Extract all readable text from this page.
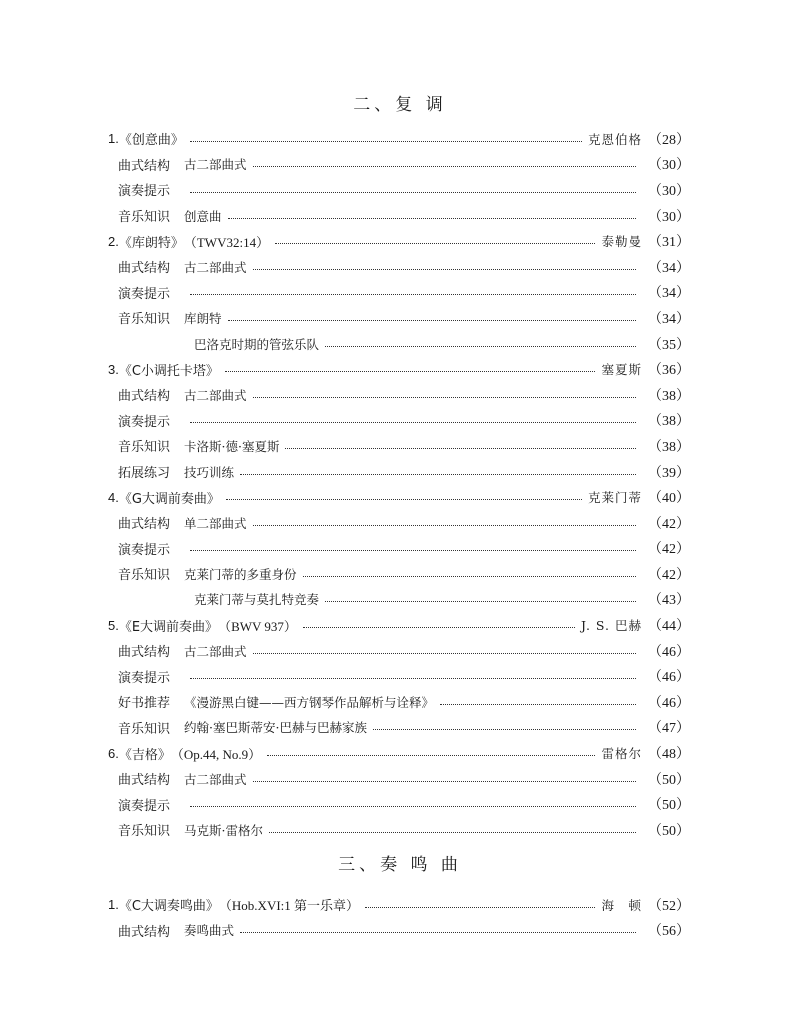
二、复 调
1. 《创意曲》	克恩伯格 （28）
曲式结构 古二部曲式	（30）
演奏提示	（30）
音乐知识 创意曲	（30）
2. 《库朗特》 （TWV32:14）	泰勒曼 （31）
曲式结构 古二部曲式	（34）
演奏提示	（34）
音乐知识 库朗特	（34）
巴洛克时期的管弦乐队	（35）
3. 《C小调托卡塔》	塞夏斯 （36）
曲式结构 古二部曲式	（38）
演奏提示	（38）
音乐知识 卡洛斯·德·塞夏斯	（38）
拓展练习 技巧训练	（39）
4. 《G大调前奏曲》	克莱门蒂 （40）
曲式结构 单二部曲式	（42）
演奏提示	（42）
音乐知识 克莱门蒂的多重身份	（42）
克莱门蒂与莫扎特竞奏	（43）
5. 《E大调前奏曲》 （BWV 937）	J. S. 巴赫 （44）
曲式结构 古二部曲式	（46）
演奏提示	（46）
好书推荐 《漫游黑白键——西方钢琴作品解析与诠释》	（46）
音乐知识 约翰·塞巴斯蒂安·巴赫与巴赫家族	（47）
6. 《吉格》 （Op.44, No.9）	雷格尔 （48）
曲式结构 古二部曲式	（50）
演奏提示	（50）
音乐知识 马克斯·雷格尔	（50）
三、奏 鸣 曲
1. 《C大调奏鸣曲》 （Hob.XVI:1 第一乐章）	海　顿 （52）
曲式结构 奏鸣曲式	（56）
